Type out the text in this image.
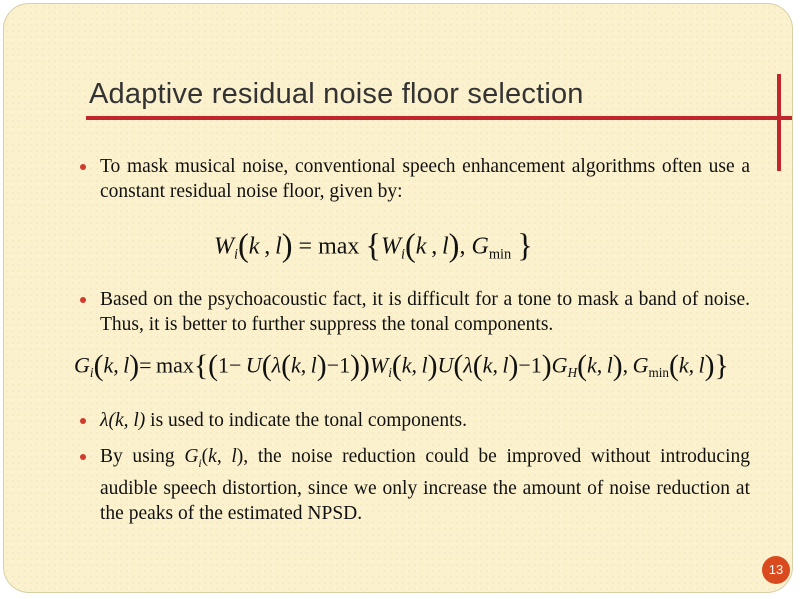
Adaptive residual noise floor selection
To mask musical noise, conventional speech enhancement algorithms often use a constant residual noise floor, given by:
$W_i(k$ , $l) = \max \{W_i(k$ , l), $G_{min}$ }
Based on the psychoacoustic fact, it is difficult for a tone to mask a band of noise. Thus, it is better to further suppress the tonal components.
$G_i(k$, l)= max{(1− U(λ(k, $l)-1))W_i(k$, l)U(λ(k, $l)-1)G_H(k$, l), $G_{min}(k$, l)}
λ(k, l) is used to indicate the tonal components.
By using $G_i(k$, l), the noise reduction could be improved without introducing audible speech distortion, since we only increase the amount of noise reduction at the peaks of the estimated NPSD.
13
